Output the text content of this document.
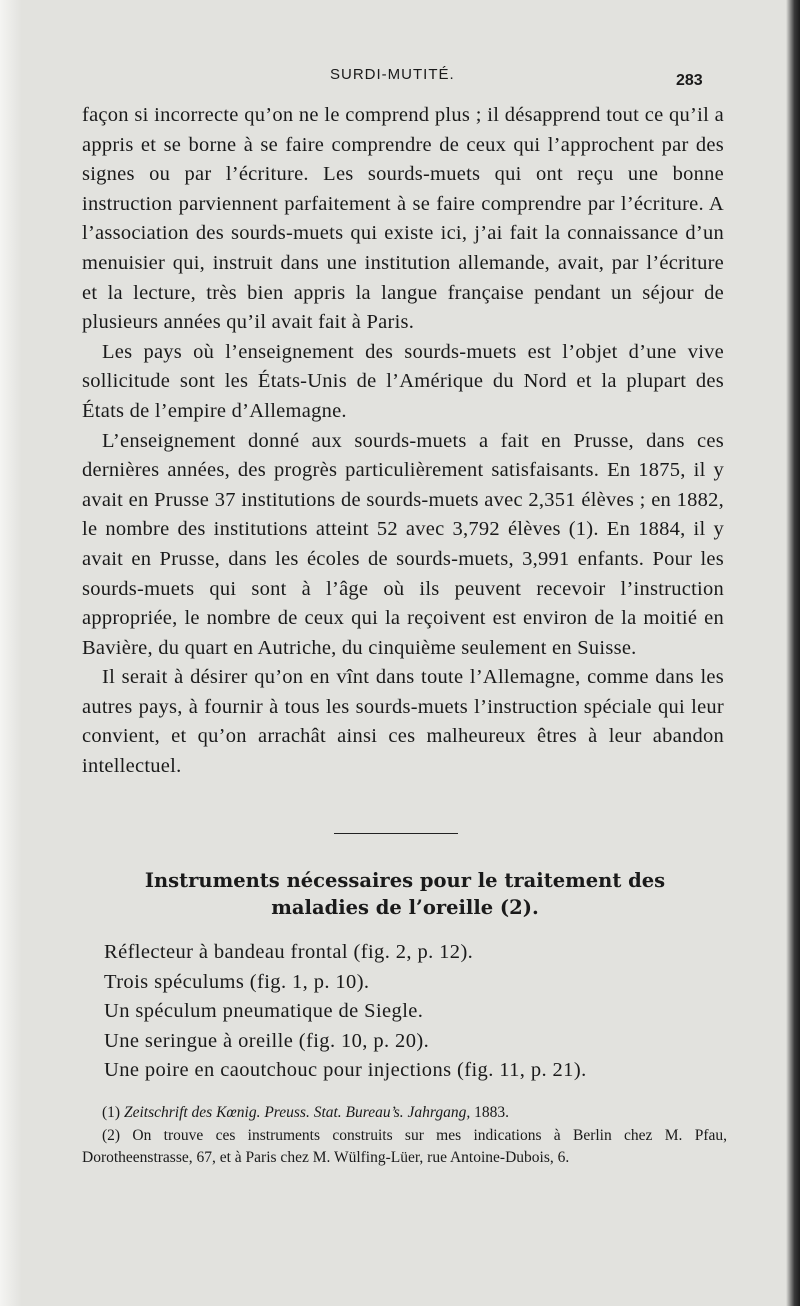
SURDI-MUTITÉ.	283

façon si incorrecte qu’on ne le comprend plus ; il désapprend tout ce qu’il a appris et se borne à se faire comprendre de ceux qui l’approchent par des signes ou par l’écriture. Les sourds-muets qui ont reçu une bonne instruction parviennent parfaitement à se faire comprendre par l’écriture. A l’association des sourds-muets qui existe ici, j’ai fait la connaissance d’un menuisier qui, instruit dans une institution allemande, avait, par l’écriture et la lecture, très bien appris la langue française pendant un séjour de plusieurs années qu’il avait fait à Paris.

Les pays où l’enseignement des sourds-muets est l’objet d’une vive sollicitude sont les États-Unis de l’Amérique du Nord et la plupart des États de l’empire d’Allemagne.

L’enseignement donné aux sourds-muets a fait en Prusse, dans ces dernières années, des progrès particulièrement satisfaisants. En 1875, il y avait en Prusse 37 institutions de sourds-muets avec 2,351 élèves ; en 1882, le nombre des institutions atteint 52 avec 3,792 élèves (1). En 1884, il y avait en Prusse, dans les écoles de sourds-muets, 3,991 enfants. Pour les sourds-muets qui sont à l’âge où ils peuvent recevoir l’instruction appropriée, le nombre de ceux qui la reçoivent est environ de la moitié en Bavière, du quart en Autriche, du cinquième seulement en Suisse.

Il serait à désirer qu’on en vînt dans toute l’Allemagne, comme dans les autres pays, à fournir à tous les sourds-muets l’instruction spéciale qui leur convient, et qu’on arrachât ainsi ces malheureux êtres à leur abandon intellectuel.

Instruments nécessaires pour le traitement des maladies de l’oreille (2).
Réflecteur à bandeau frontal (fig. 2, p. 12).
Trois spéculums (fig. 1, p. 10).
Un spéculum pneumatique de Siegle.
Une seringue à oreille (fig. 10, p. 20).
Une poire en caoutchouc pour injections (fig. 11, p. 21).

(1) Zeitschrift des Kœnig. Preuss. Stat. Bureau’s. Jahrgang, 1883.

(2) On trouve ces instruments construits sur mes indications à Berlin chez M. Pfau, Dorotheenstrasse, 67, et à Paris chez M. Wülfing-Lüer, rue Antoine-Dubois, 6.
